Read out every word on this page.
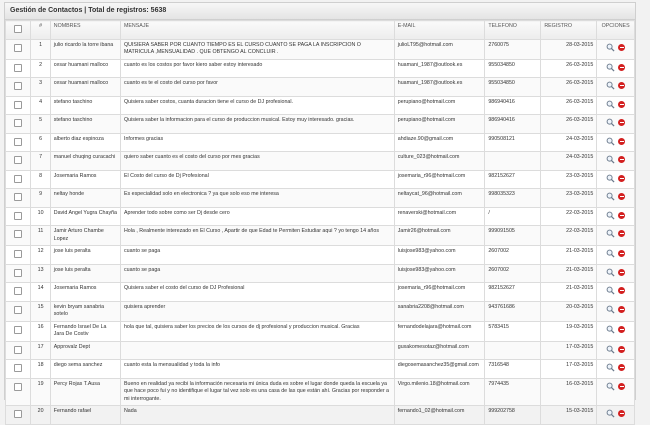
Gestión de Contactos | Total de registros: 5638
	#	NOMBRES	MENSAJE	E-MAIL	TELEFONO	REGISTRO	OPCIONES
	1	julio ricardo la torre ibana	QUISIERA SABER POR CUANTO TIEMPO ES EL CURSO CUANTO SE PAGA LA INSCRIPCION O MATRICULA ,MENSUALIDAD . QUE OBTENGO AL CONCLUIR .	julioLT95@hotmail.com	2760075	28-03-2015	

	2	cesar huamani malloco	cuanto es los costos por favor kiero saber estoy interesado	huamani_1987@outlook.es	955034850	26-03-2015	

	3	cesar huamani malloco	cuanto es te el costo del curso por favor	huamani_1987@outlook.es	955034850	26-03-2015	

	4	stefano taschino	Quisiera saber costos, cuanta duracion tiene el curso de DJ profesional.	perupiano@hotmail.com	986940416	26-03-2015	

	5	stefano taschino	Quisiera saber la informacion para el curso de produccion musical. Estoy muy interesado. gracias.	perupiano@hotmail.com	986940416	26-03-2015	

	6	alberto diaz espinoza	Informes gracias	ahdiaze.90@gmail.com	990508121	24-03-2015	

	7	manuel chuqing curacachi	quiero saber cuanto es el costo del curso por mes gracias	culture_023@hotmail.com		24-03-2015	

	8	Josemaria Ramos	El Costo del curso de Dj Profesional	josemaria_r96@hotmail.com	982152627	23-03-2015	

	9	neltay honde	Es especialidad solo en electronica ? ya que solo eso me interesa	neltaycat_96@hotmail.com	998035323	23-03-2015	

	10	David Angel Yugra Chayña	Aprender todo sobre como ser Dj desde cero	renaverski@hotmail.com	/	22-03-2015	

	11	Jamir Arturo Chambe Lopez	Hola , Realmente interezado en El Curso , Apartir de que Edad te Permiten Estudiar aqui ? yo tengo 14 años	Jamir26@hotmail.com	999091505	22-03-2015	

	12	jose luis peralta	cuanto se paga	luisjose983@yahoo.com	2607002	21-03-2015	

	13	jose luis peralta	cuanto se paga	luisjose983@yahoo.com	2607002	21-03-2015	

	14	Josemaria Ramos	Quisiera saber el costo del curso de DJ Profesional	josemaria_r96@hotmail.com	982152627	21-03-2015	

	15	kevin bryam sanabria sotelo	quisiera aprender	sanabria2208@hotmail.com	943761686	20-03-2015	

	16	Fernando Israel De La Jara De Costiv	hola que tal, quisiera saber los precios de los cursos de dj profesional y produccion musical. Gracias	fernandodelajara@hotmail.com	5783415	19-03-2015	

	17	Approvalz Dept		guxakomesotaz@hotmail.com		17-03-2015	

	18	diego sema sanchez	cuanto esta la mensualidad y toda la info	diegosemasanchez35@gmail.com	7316548	17-03-2015	

	19	Percy Rojas T.Ausa	Bueno en realidad ya recibi la información necesaria mi única duda es sobre el lugar donde queda la escuela ya que hace poco fui y no identifique el lugar tal vez solo es una casa de las que están ahí. Gracias por responder a mi interrogante.	Virgo.milenio.18@hotmail.com	7974435	16-03-2015	

	20	Fernando rafael	Nada	fernando1_02@hotmail.com	999202758	15-03-2015	
